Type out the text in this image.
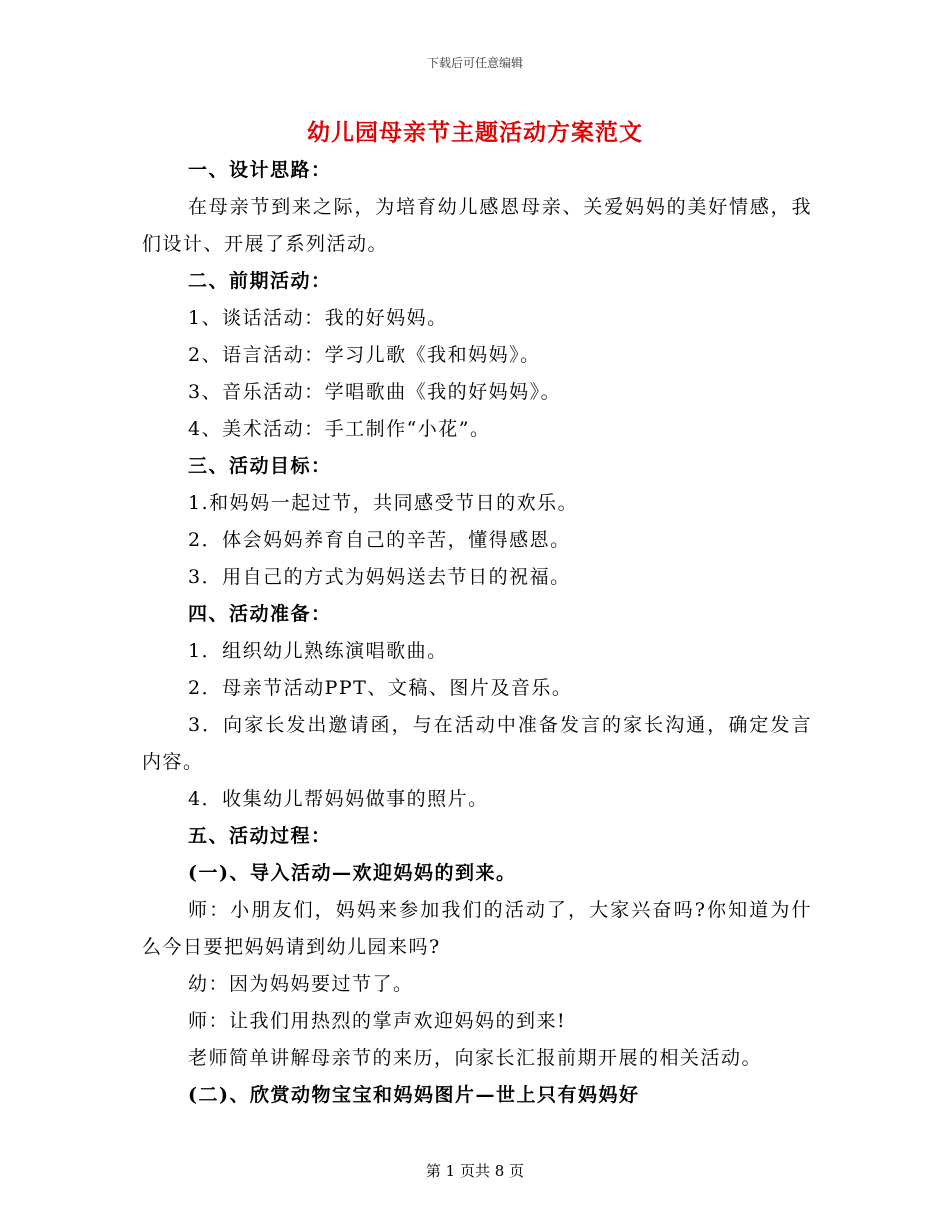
下载后可任意编辑
幼儿园母亲节主题活动方案范文

一、设计思路：

在母亲节到来之际，为培育幼儿感恩母亲、关爱妈妈的美好情感，我们设计、开展了系列活动。

二、前期活动：

1、谈话活动：我的好妈妈。

2、语言活动：学习儿歌《我和妈妈》。

3、音乐活动：学唱歌曲《我的好妈妈》。

4、美术活动：手工制作“小花”。

三、活动目标：

1.和妈妈一起过节，共同感受节日的欢乐。

2．体会妈妈养育自己的辛苦，懂得感恩。

3．用自己的方式为妈妈送去节日的祝福。

四、活动准备：

1．组织幼儿熟练演唱歌曲。

2．母亲节活动PPT、文稿、图片及音乐。

3．向家长发出邀请函，与在活动中准备发言的家长沟通，确定发言内容。

4．收集幼儿帮妈妈做事的照片。

五、活动过程：

(一)、导入活动—欢迎妈妈的到来。

师：小朋友们，妈妈来参加我们的活动了，大家兴奋吗?你知道为什么今日要把妈妈请到幼儿园来吗?

幼：因为妈妈要过节了。

师：让我们用热烈的掌声欢迎妈妈的到来!

老师简单讲解母亲节的来历，向家长汇报前期开展的相关活动。

(二)、欣赏动物宝宝和妈妈图片—世上只有妈妈好

第 1 页共 8 页
